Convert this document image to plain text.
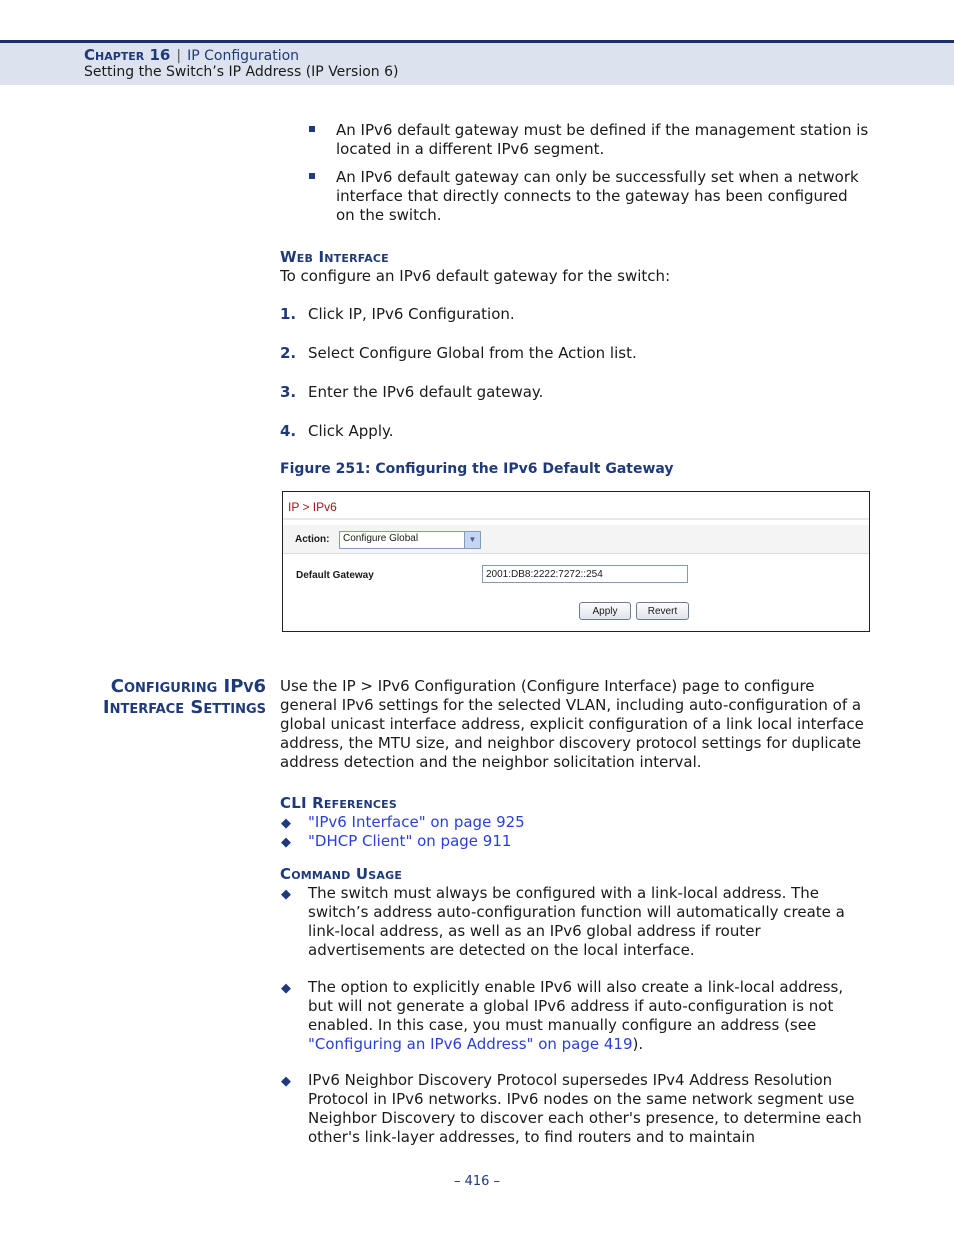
Chapter 16 | IP Configuration
Setting the Switch’s IP Address (IP Version 6)
An IPv6 default gateway must be defined if the management station is located in a different IPv6 segment.
An IPv6 default gateway can only be successfully set when a network interface that directly connects to the gateway has been configured on the switch.
Web Interface
To configure an IPv6 default gateway for the switch:
1. Click IP, IPv6 Configuration.
2. Select Configure Global from the Action list.
3. Enter the IPv6 default gateway.
4. Click Apply.
Figure 251: Configuring the IPv6 Default Gateway
IP > IPv6
Action: Configure Global	▼
Default Gateway	2001:DB8:2222:7272::254
Apply	Revert
Configuring IPv6
Interface Settings
Use the IP > IPv6 Configuration (Configure Interface) page to configure general IPv6 settings for the selected VLAN, including auto-configuration of a global unicast interface address, explicit configuration of a link local interface address, the MTU size, and neighbor discovery protocol settings for duplicate address detection and the neighbor solicitation interval.
CLI References
◆ "IPv6 Interface" on page 925
◆ "DHCP Client" on page 911
Command Usage
◆ The switch must always be configured with a link-local address. The switch’s address auto-configuration function will automatically create a link-local address, as well as an IPv6 global address if router advertisements are detected on the local interface.
◆ The option to explicitly enable IPv6 will also create a link-local address, but will not generate a global IPv6 address if auto-configuration is not enabled. In this case, you must manually configure an address (see "Configuring an IPv6 Address" on page 419).
◆ IPv6 Neighbor Discovery Protocol supersedes IPv4 Address Resolution Protocol in IPv6 networks. IPv6 nodes on the same network segment use Neighbor Discovery to discover each other's presence, to determine each other's link-layer addresses, to find routers and to maintain
– 416 –
